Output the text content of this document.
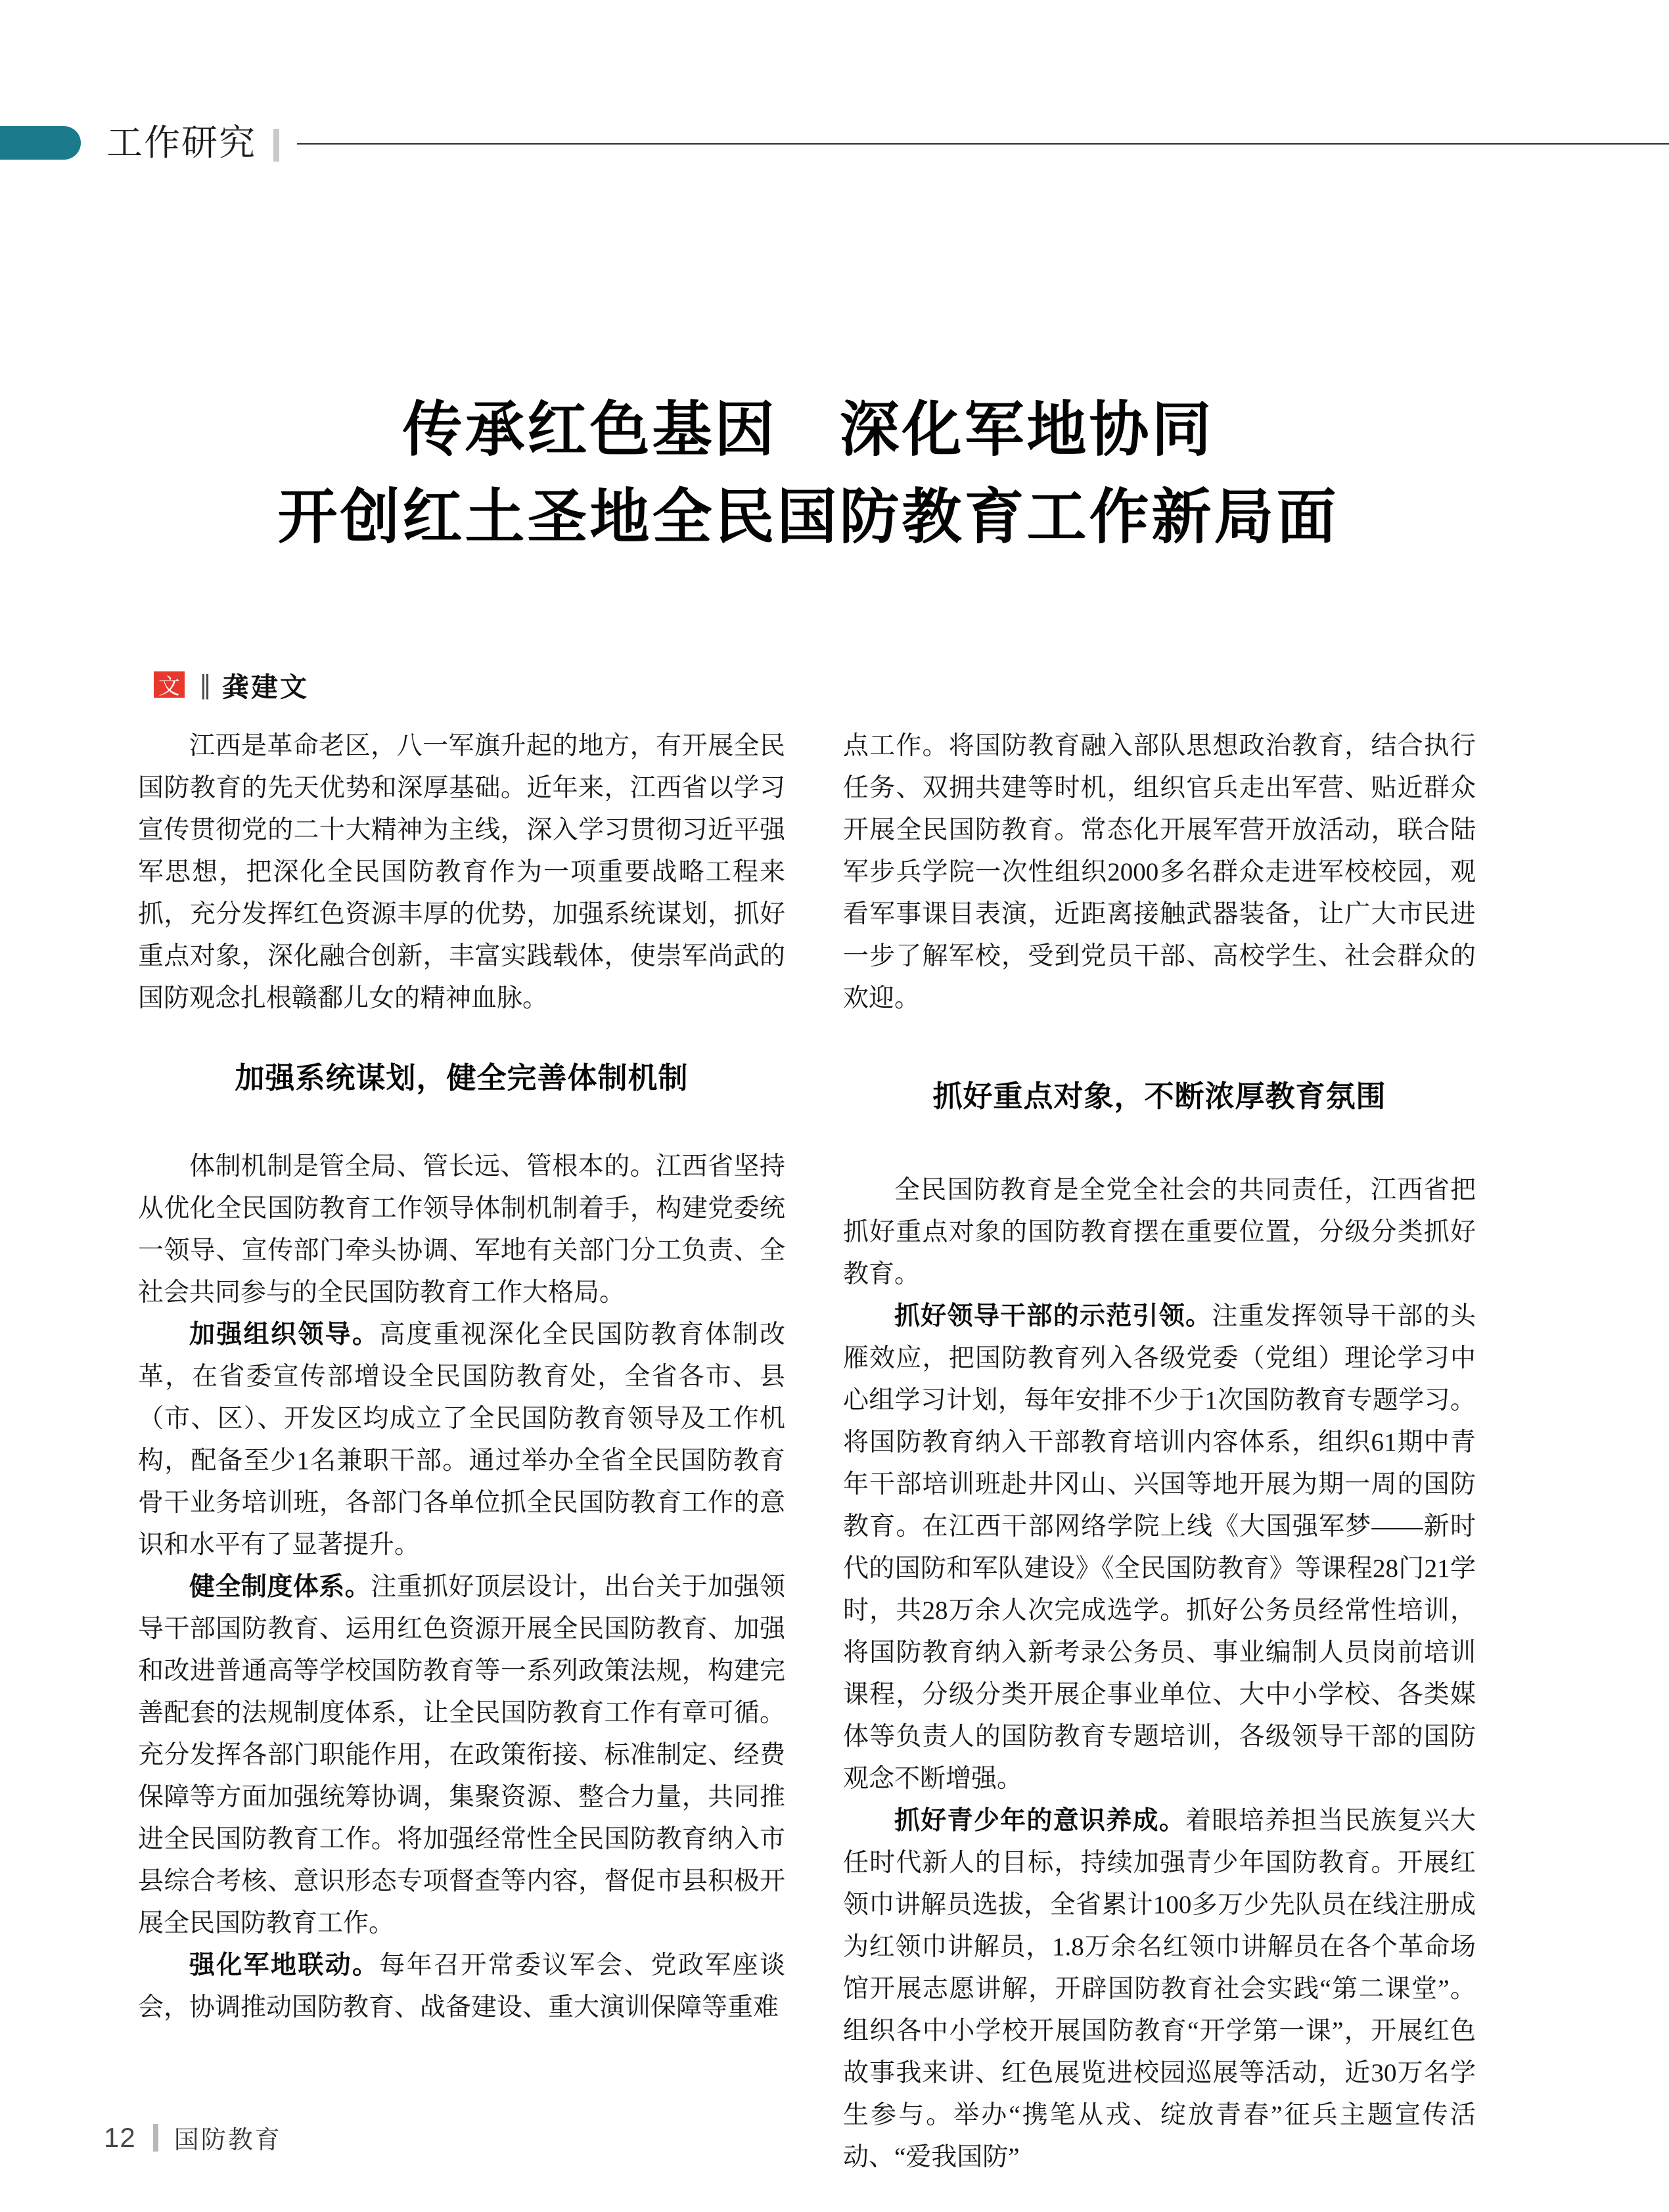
工作研究
传承红色基因　深化军地协同
开创红土圣地全民国防教育工作新局面
文 ‖ 龚建文

江西是革命老区，八一军旗升起的地方，有开展全民国防教育的先天优势和深厚基础。近年来，江西省以学习宣传贯彻党的二十大精神为主线，深入学习贯彻习近平强军思想，把深化全民国防教育作为一项重要战略工程来抓，充分发挥红色资源丰厚的优势，加强系统谋划，抓好重点对象，深化融合创新，丰富实践载体，使崇军尚武的国防观念扎根赣鄱儿女的精神血脉。

加强系统谋划，健全完善体制机制

体制机制是管全局、管长远、管根本的。江西省坚持从优化全民国防教育工作领导体制机制着手，构建党委统一领导、宣传部门牵头协调、军地有关部门分工负责、全社会共同参与的全民国防教育工作大格局。

加强组织领导。高度重视深化全民国防教育体制改革，在省委宣传部增设全民国防教育处，全省各市、县（市、区）、开发区均成立了全民国防教育领导及工作机构，配备至少1名兼职干部。通过举办全省全民国防教育骨干业务培训班，各部门各单位抓全民国防教育工作的意识和水平有了显著提升。

健全制度体系。注重抓好顶层设计，出台关于加强领导干部国防教育、运用红色资源开展全民国防教育、加强和改进普通高等学校国防教育等一系列政策法规，构建完善配套的法规制度体系，让全民国防教育工作有章可循。充分发挥各部门职能作用，在政策衔接、标准制定、经费保障等方面加强统筹协调，集聚资源、整合力量，共同推进全民国防教育工作。将加强经常性全民国防教育纳入市县综合考核、意识形态专项督查等内容，督促市县积极开展全民国防教育工作。

强化军地联动。每年召开常委议军会、党政军座谈会，协调推动国防教育、战备建设、重大演训保障等重难

点工作。将国防教育融入部队思想政治教育，结合执行任务、双拥共建等时机，组织官兵走出军营、贴近群众开展全民国防教育。常态化开展军营开放活动，联合陆军步兵学院一次性组织2000多名群众走进军校校园，观看军事课目表演，近距离接触武器装备，让广大市民进一步了解军校，受到党员干部、高校学生、社会群众的欢迎。

抓好重点对象，不断浓厚教育氛围

全民国防教育是全党全社会的共同责任，江西省把抓好重点对象的国防教育摆在重要位置，分级分类抓好教育。

抓好领导干部的示范引领。注重发挥领导干部的头雁效应，把国防教育列入各级党委（党组）理论学习中心组学习计划，每年安排不少于1次国防教育专题学习。将国防教育纳入干部教育培训内容体系，组织61期中青年干部培训班赴井冈山、兴国等地开展为期一周的国防教育。在江西干部网络学院上线《大国强军梦——新时代的国防和军队建设》《全民国防教育》等课程28门21学时，共28万余人次完成选学。抓好公务员经常性培训，将国防教育纳入新考录公务员、事业编制人员岗前培训课程，分级分类开展企事业单位、大中小学校、各类媒体等负责人的国防教育专题培训，各级领导干部的国防观念不断增强。

抓好青少年的意识养成。着眼培养担当民族复兴大任时代新人的目标，持续加强青少年国防教育。开展红领巾讲解员选拔，全省累计100多万少先队员在线注册成为红领巾讲解员，1.8万余名红领巾讲解员在各个革命场馆开展志愿讲解，开辟国防教育社会实践“第二课堂”。组织各中小学校开展国防教育“开学第一课”，开展红色故事我来讲、红色展览进校园巡展等活动，近30万名学生参与。举办“携笔从戎、绽放青春”征兵主题宣传活动、“爱我国防”

12 国防教育
